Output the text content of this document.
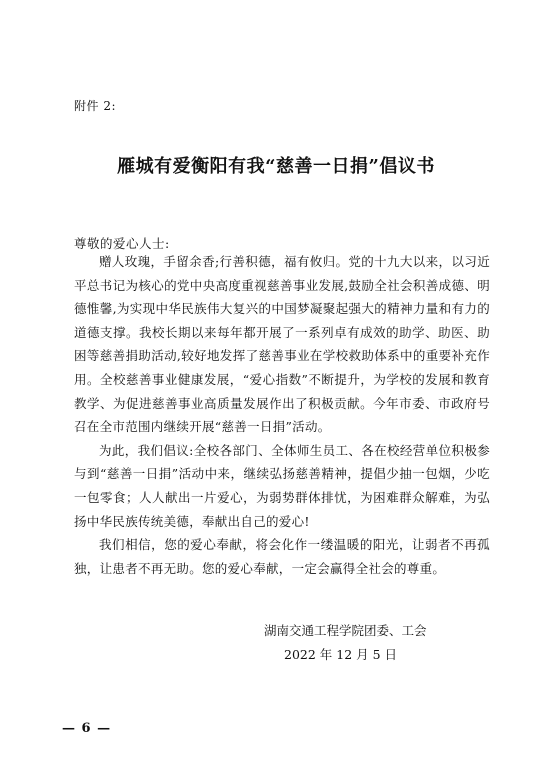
附件 2:
雁城有爱衡阳有我“慈善一日捐”倡议书
尊敬的爱心人士:

赠人玫瑰，手留余香;行善积德，福有攸归。党的十九大以来，以习近平总书记为核心的党中央高度重视慈善事业发展,鼓励全社会积善成德、明德惟馨,为实现中华民族伟大复兴的中国梦凝聚起强大的精神力量和有力的道德支撑。我校长期以来每年都开展了一系列卓有成效的助学、助医、助困等慈善捐助活动,较好地发挥了慈善事业在学校救助体系中的重要补充作用。全校慈善事业健康发展，“爱心指数”不断提升，为学校的发展和教育教学、为促进慈善事业高质量发展作出了积极贡献。今年市委、市政府号召在全市范围内继续开展“慈善一日捐”活动。

为此，我们倡议:全校各部门、全体师生员工、各在校经营单位积极参与到“慈善一日捐”活动中来，继续弘扬慈善精神，提倡少抽一包烟，少吃一包零食；人人献出一片爱心，为弱势群体排忧，为困难群众解难，为弘扬中华民族传统美德，奉献出自己的爱心!

我们相信，您的爱心奉献，将会化作一缕温暖的阳光，让弱者不再孤独，让患者不再无助。您的爱心奉献，一定会赢得全社会的尊重。

湖南交通工程学院团委、工会
2022 年 12 月 5 日
— 6 —
